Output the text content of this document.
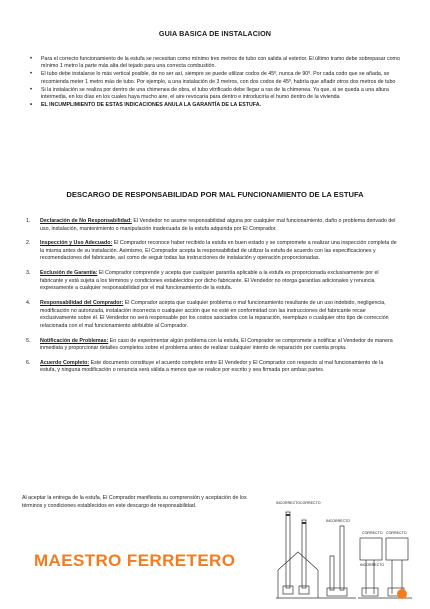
GUIA BASICA DE INSTALACION
• Para el correcto funcionamiento de la estufa se necesitan como mínimo tres metros de tubo con salida al exterior. El último tramo debe sobrepasar como mínimo 1 metro la parte más alta del tejado para una correcta combustión.
• El tubo debe instalarse lo más vertical posible, de no ser así, siempre se puede utilizar codos de 45º, nunca de 90º. Por cada codo que se añada, se recomienda meter 1 metro más de tubo. Por ejemplo, a una instalación de 3 metros, con dos codos de 45º, habría que añadir otros dos metros de tubo
• Si la instalación se realiza por dentro de una chimenea de obra, el tubo vitrificado debe llegar a ras de la chimenea. Ya que, si se queda a una altura intermedia, en los días en los cuales haya mucho aire, el aire revocaría para dentro e introduciría el humo dentro de la vivienda
• EL INCUMPLIMIENTO DE ESTAS INDICACIONES ANULA LA GARANTÍA DE LA ESTUFA.
DESCARGO DE RESPONSABILIDAD POR MAL FUNCIONAMIENTO DE LA ESTUFA
1. Declaración de No Responsabilidad: El Vendedor no asume responsabilidad alguna por cualquier mal funcionamiento, daño o problema derivado del uso, instalación, mantenimiento o manipulación inadecuada de la estufa adquirida por El Comprador.
2. Inspección y Uso Adecuado: El Comprador reconoce haber recibido la estufa en buen estado y se compromete a realizar una inspección completa de la misma antes de su instalación. Asimismo, El Comprador acepta la responsabilidad de utilizar la estufa de acuerdo con las especificaciones y recomendaciones del fabricante, así como de seguir todas las instrucciones de instalación y operación proporcionadas.
3. Exclusión de Garantía: El Comprador comprende y acepta que cualquier garantía aplicable a la estufa es proporcionada exclusivamente por el fabricante y está sujeta a los términos y condiciones establecidos por dicho fabricante. El Vendedor no otorga garantías adicionales y renuncia expresamente a cualquier responsabilidad por el mal funcionamiento de la estufa.
4. Responsabilidad del Comprador: El Comprador acepta que cualquier problema o mal funcionamiento resultante de un uso indebido, negligencia, modificación no autorizada, instalación incorrecta o cualquier acción que no esté en conformidad con las instrucciones del fabricante recae exclusivamente sobre él. El Vendedor no será responsable por los costos asociados con la reparación, reemplazo o cualquier otro tipo de corrección relacionada con el mal funcionamiento atribuible al Comprador.
5. Notificación de Problemas: En caso de experimentar algún problema con la estufa, El Comprador se compromete a notificar al Vendedor de manera inmediata y proporcionar detalles completos sobre el problema antes de realizar cualquier intento de reparación por cuenta propia.
6. Acuerdo Completo: Este documento constituye el acuerdo completo entre El Vendedor y El Comprador con respecto al mal funcionamiento de la estufa, y ninguna modificación o renuncia será válida a menos que se realice por escrito y sea firmada por ambas partes.
Al aceptar la entrega de la estufa, El Comprador manifiesta su comprensión y aceptación de los términos y condiciones establecidos en este descargo de responsabilidad.
MAESTRO FERRETERO
INCORRECTO CORRECTO
INCORRECTO
CORRECTO CORRECTO
INCORRECTO
